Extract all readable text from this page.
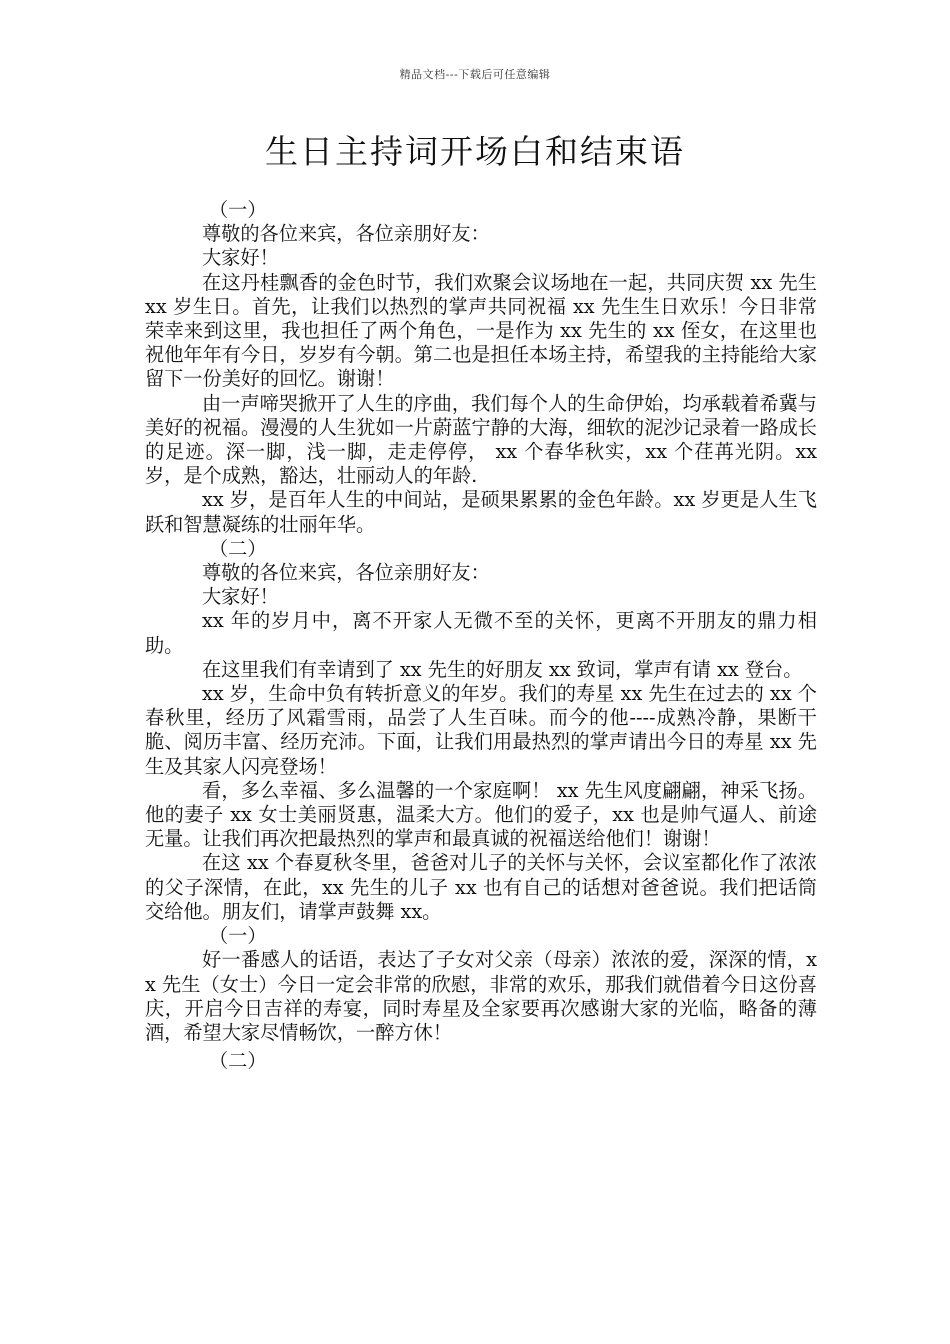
精品文档---下载后可任意编辑
生日主持词开场白和结束语

（一）

尊敬的各位来宾，各位亲朋好友：

大家好！

在这丹桂飘香的金色时节，我们欢聚会议场地在一起，共同庆贺 xx 先生 xx 岁生日。首先，让我们以热烈的掌声共同祝福 xx 先生生日欢乐！今日非常荣幸来到这里，我也担任了两个角色，一是作为 xx 先生的 xx 侄女，在这里也祝他年年有今日，岁岁有今朝。第二也是担任本场主持，希望我的主持能给大家留下一份美好的回忆。谢谢！

由一声啼哭掀开了人生的序曲，我们每个人的生命伊始，均承载着希冀与美好的祝福。漫漫的人生犹如一片蔚蓝宁静的大海，细软的泥沙记录着一路成长的足迹。深一脚，浅一脚，走走停停， xx 个春华秋实，xx 个荏苒光阴。xx 岁，是个成熟，豁达，壮丽动人的年龄.

xx 岁，是百年人生的中间站，是硕果累累的金色年龄。xx 岁更是人生飞跃和智慧凝练的壮丽年华。

（二）

尊敬的各位来宾，各位亲朋好友：

大家好！

xx 年的岁月中，离不开家人无微不至的关怀，更离不开朋友的鼎力相助。

在这里我们有幸请到了 xx 先生的好朋友 xx 致词，掌声有请 xx 登台。

xx 岁，生命中负有转折意义的年岁。我们的寿星 xx 先生在过去的 xx 个春秋里，经历了风霜雪雨，品尝了人生百味。而今的他----成熟冷静，果断干脆、阅历丰富、经历充沛。下面，让我们用最热烈的掌声请出今日的寿星 xx 先生及其家人闪亮登场！

看，多么幸福、多么温馨的一个家庭啊！ xx 先生风度翩翩，神采飞扬。他的妻子 xx 女士美丽贤惠，温柔大方。他们的爱子，xx 也是帅气逼人、前途无量。让我们再次把最热烈的掌声和最真诚的祝福送给他们！谢谢！

在这 xx 个春夏秋冬里，爸爸对儿子的关怀与关怀，会议室都化作了浓浓的父子深情，在此，xx 先生的儿子 xx 也有自己的话想对爸爸说。我们把话筒交给他。朋友们，请掌声鼓舞 xx。

（一）

好一番感人的话语，表达了子女对父亲（母亲）浓浓的爱，深深的情，xx 先生（女士）今日一定会非常的欣慰，非常的欢乐，那我们就借着今日这份喜庆，开启今日吉祥的寿宴，同时寿星及全家要再次感谢大家的光临，略备的薄酒，希望大家尽情畅饮，一醉方休！

（二）
